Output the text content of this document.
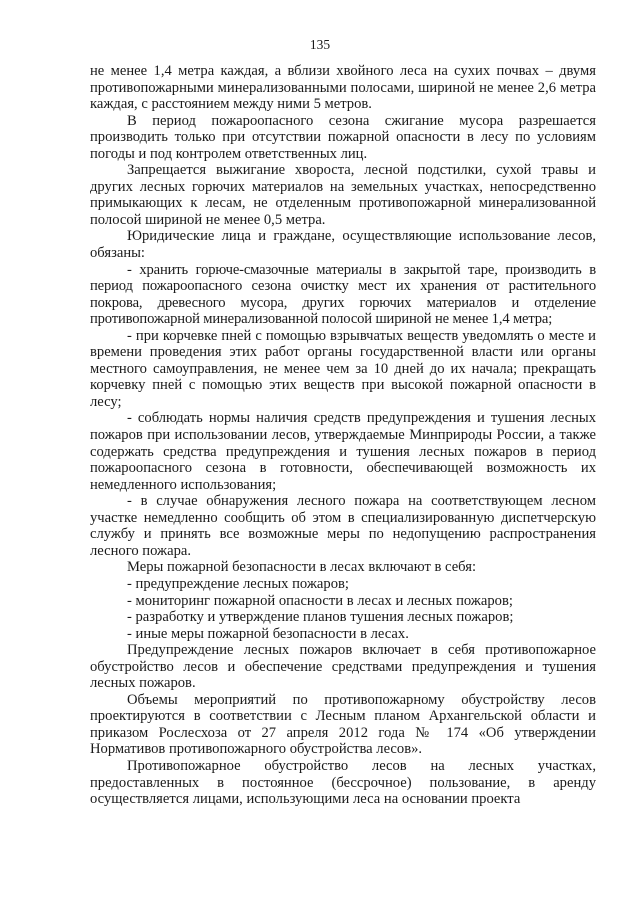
135

не менее 1,4 метра каждая, а вблизи хвойного леса на сухих почвах – двумя противопожарными минерализованными полосами, шириной не менее 2,6 метра каждая, с расстоянием между ними 5 метров.

В период пожароопасного сезона сжигание мусора разрешается производить только при отсутствии пожарной опасности в лесу по условиям погоды и под контролем ответственных лиц.

Запрещается выжигание хвороста, лесной подстилки, сухой травы и других лесных горючих материалов на земельных участках, непосредственно примыкающих к лесам, не отделенным противопожарной минерализованной полосой шириной не менее 0,5 метра.

Юридические лица и граждане, осуществляющие использование лесов, обязаны:

- хранить горюче-смазочные материалы в закрытой таре, производить в период пожароопасного сезона очистку мест их хранения от растительного покрова, древесного мусора, других горючих материалов и отделение противопожарной минерализованной полосой шириной не менее 1,4 метра;

- при корчевке пней с помощью взрывчатых веществ уведомлять о месте и времени проведения этих работ органы государственной власти или органы местного самоуправления, не менее чем за 10 дней до их начала; прекращать корчевку пней с помощью этих веществ при высокой пожарной опасности в лесу;

- соблюдать нормы наличия средств предупреждения и тушения лесных пожаров при использовании лесов, утверждаемые Минприроды России, а также содержать средства предупреждения и тушения лесных пожаров в период пожароопасного сезона в готовности, обеспечивающей возможность их немедленного использования;

- в случае обнаружения лесного пожара на соответствующем лесном участке немедленно сообщить об этом в специализированную диспетчерскую службу и принять все возможные меры по недопущению распространения лесного пожара.

Меры пожарной безопасности в лесах включают в себя:

- предупреждение лесных пожаров;

- мониторинг пожарной опасности в лесах и лесных пожаров;

- разработку и утверждение планов тушения лесных пожаров;

- иные меры пожарной безопасности в лесах.

Предупреждение лесных пожаров включает в себя противопожарное обустройство лесов и обеспечение средствами предупреждения и тушения лесных пожаров.

Объемы мероприятий по противопожарному обустройству лесов проектируются в соответствии с Лесным планом Архангельской области и приказом Рослесхоза от 27 апреля 2012 года № 174 «Об утверждении Нормативов противопожарного обустройства лесов».

Противопожарное обустройство лесов на лесных участках, предоставленных в постоянное (бессрочное) пользование, в аренду осуществляется лицами, использующими леса на основании проекта
